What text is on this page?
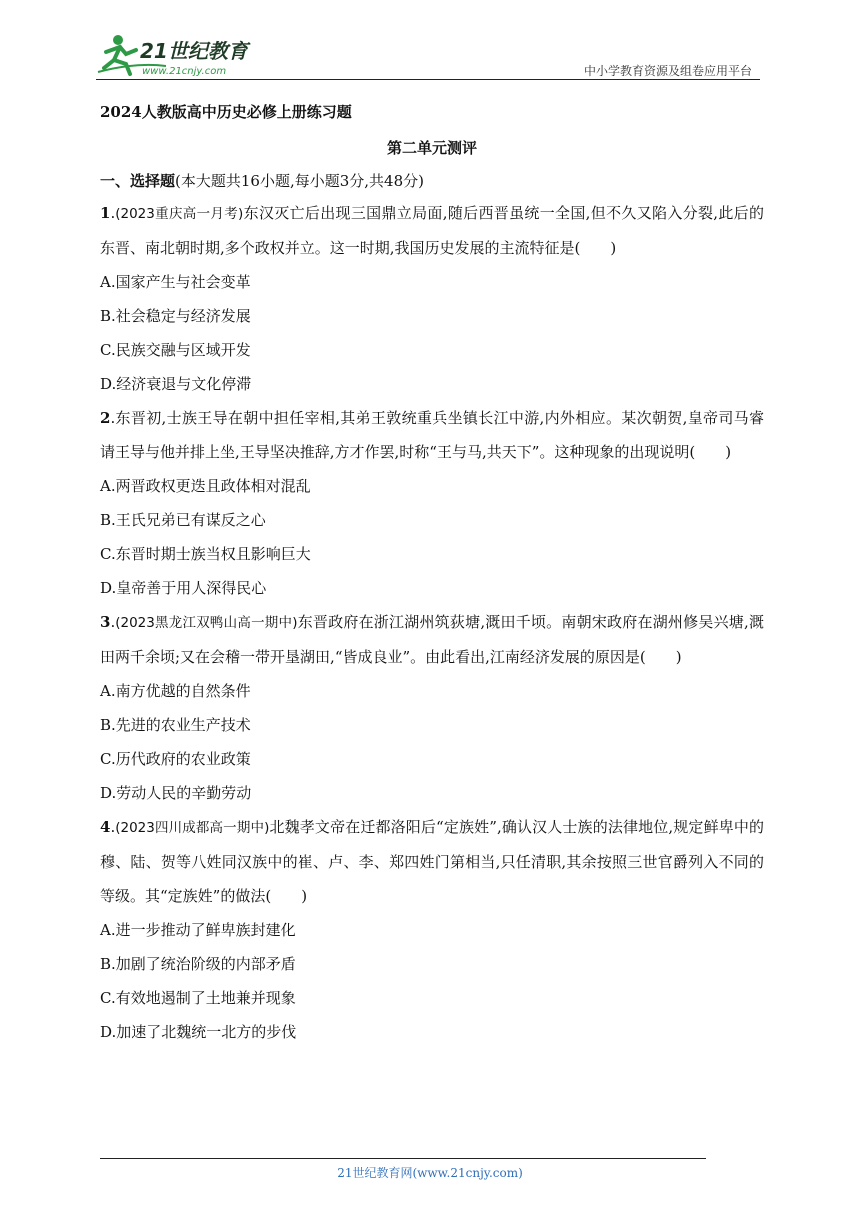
21世纪教育
www.21cnjy.com	中小学教育资源及组卷应用平台
2024人教版高中历史必修上册练习题
第二单元测评
一、选择题(本大题共16小题,每小题3分,共48分)
1.(2023重庆高一月考)东汉灭亡后出现三国鼎立局面,随后西晋虽统一全国,但不久又陷入分裂,此后的东晋、南北朝时期,多个政权并立。这一时期,我国历史发展的主流特征是(　　)
A.国家产生与社会变革
B.社会稳定与经济发展
C.民族交融与区域开发
D.经济衰退与文化停滞
2.东晋初,士族王导在朝中担任宰相,其弟王敦统重兵坐镇长江中游,内外相应。某次朝贺,皇帝司马睿请王导与他并排上坐,王导坚决推辞,方才作罢,时称“王与马,共天下”。这种现象的出现说明(　　)
A.两晋政权更迭且政体相对混乱
B.王氏兄弟已有谋反之心
C.东晋时期士族当权且影响巨大
D.皇帝善于用人深得民心
3.(2023黑龙江双鸭山高一期中)东晋政府在浙江湖州筑荻塘,溉田千顷。南朝宋政府在湖州修吴兴塘,溉田两千余顷;又在会稽一带开垦湖田,“皆成良业”。由此看出,江南经济发展的原因是(　　)
A.南方优越的自然条件
B.先进的农业生产技术
C.历代政府的农业政策
D.劳动人民的辛勤劳动
4.(2023四川成都高一期中)北魏孝文帝在迁都洛阳后“定族姓”,确认汉人士族的法律地位,规定鲜卑中的穆、陆、贺等八姓同汉族中的崔、卢、李、郑四姓门第相当,只任清职,其余按照三世官爵列入不同的等级。其“定族姓”的做法(　　)
A.进一步推动了鲜卑族封建化
B.加剧了统治阶级的内部矛盾
C.有效地遏制了土地兼并现象
D.加速了北魏统一北方的步伐
21世纪教育网(www.21cnjy.com)
